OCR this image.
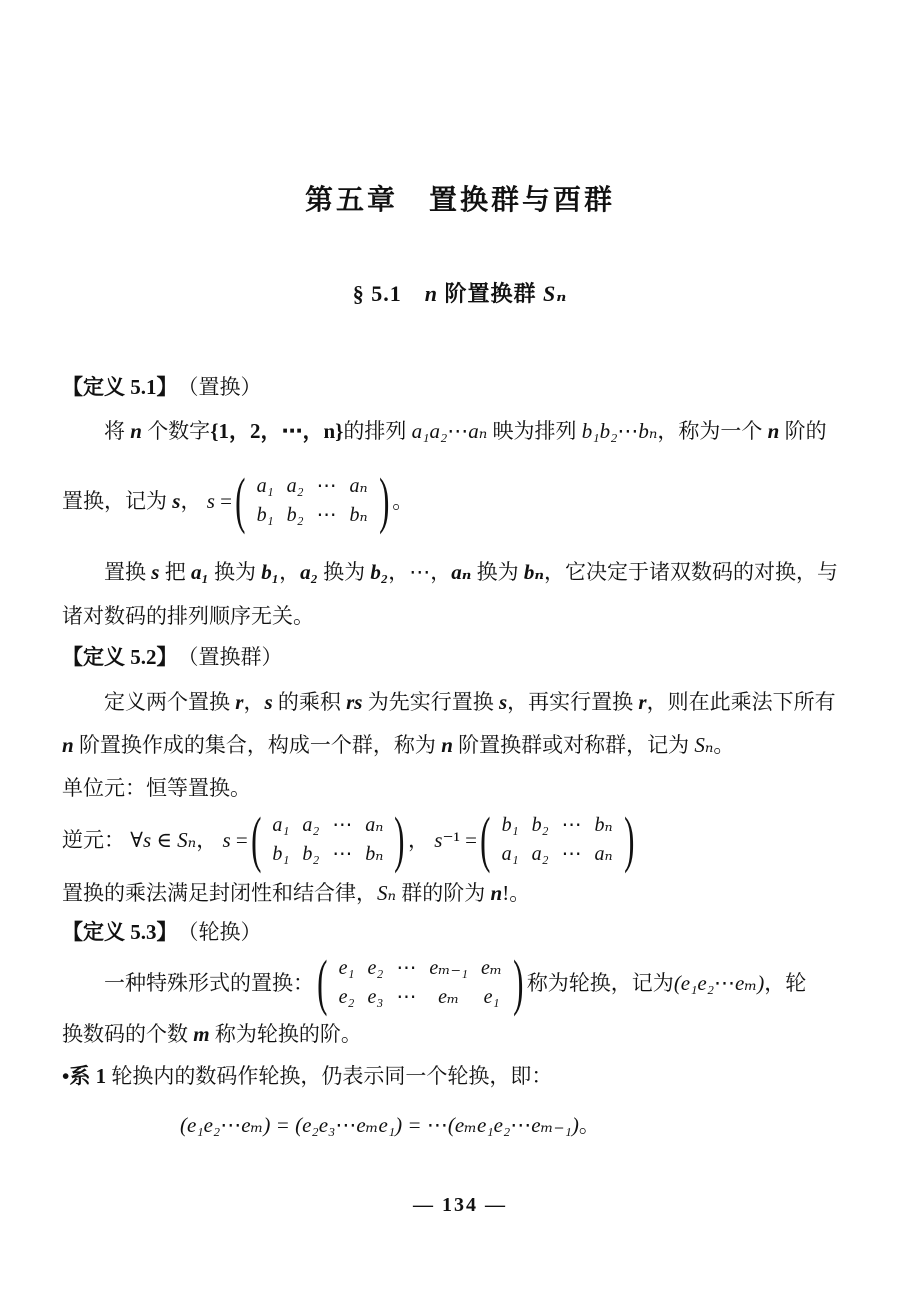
第五章　置换群与酉群
§ 5.1　n 阶置换群 Sₙ
【定义 5.1】　（置换）
将 n 个数字{1，2，⋯，n}的排列 a₁a₂⋯aₙ 映为排列 b₁b₂⋯bₙ，称为一个 n 阶的
置换，记为 s， s = ( a₁	a₂	⋯	aₙ
b₁	b₂	⋯	bₙ ) 。
置换 s 把 a₁ 换为 b₁，a₂ 换为 b₂，⋯，aₙ 换为 bₙ，它决定于诸双数码的对换，与
诸对数码的排列顺序无关。
【定义 5.2】　（置换群）
定义两个置换 r，s 的乘积 rs 为先实行置换 s，再实行置换 r，则在此乘法下所有
n 阶置换作成的集合，构成一个群，称为 n 阶置换群或对称群，记为 Sₙ。
单位元：恒等置换。
逆元： ∀s ∈ Sₙ， s = ( a₁	a₂	⋯	aₙ
b₁	b₂	⋯	bₙ ) ， s⁻¹ = ( b₁	b₂	⋯	bₙ
a₁	a₂	⋯	aₙ )
置换的乘法满足封闭性和结合律，Sₙ 群的阶为 n!。
【定义 5.3】　（轮换）
一种特殊形式的置换： ( e₁	e₂	⋯	eₘ₋₁	eₘ
e₂	e₃	⋯	eₘ	e₁ ) 称为轮换，记为(e₁e₂⋯eₘ)，轮
换数码的个数 m 称为轮换的阶。
•系 1 轮换内的数码作轮换，仍表示同一个轮换，即：
(e₁e₂⋯eₘ) = (e₂e₃⋯eₘe₁) = ⋯(eₘe₁e₂⋯eₘ₋₁)。
— 134 —
